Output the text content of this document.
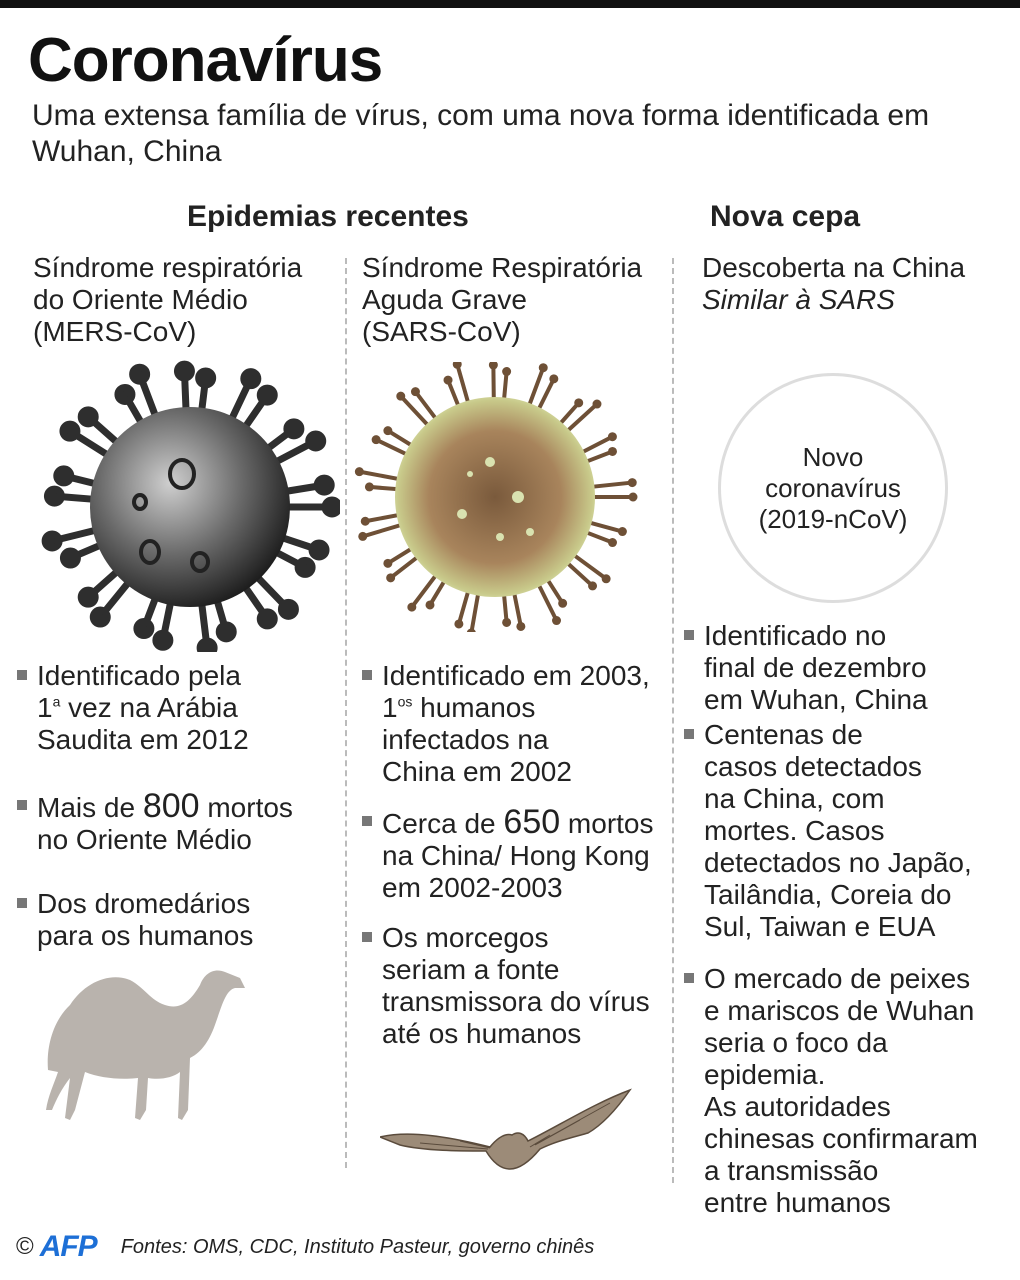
Coronavírus
Uma extensa família de vírus, com uma nova forma identificada em Wuhan, China
Epidemias recentes	Nova cepa
Síndrome respiratória
do Oriente Médio
(MERS-CoV)
Identificado pela
1$^a$ vez na Arábia
Saudita em 2012
Mais de 800 mortos
no Oriente Médio
Dos dromedários
para os humanos
Síndrome Respiratória
Aguda Grave
(SARS-CoV)
Identificado em 2003,
$1^{os}$ humanos
infectados na
China em 2002
Cerca de 650 mortos
na China/ Hong Kong
em 2002-2003
Os morcegos
seriam a fonte
transmissora do vírus
até os humanos
Descoberta na China
Similar à SARS
Novo
coronavírus
(2019-nCoV)
Identificado no
final de dezembro
em Wuhan, China
Centenas de
casos detectados
na China, com
mortes. Casos
detectados no Japão,
Tailândia, Coreia do
Sul, Taiwan e EUA
O mercado de peixes
e mariscos de Wuhan
seria o foco da
epidemia.
As autoridades
chinesas confirmaram
a transmissão
entre humanos
© AFP Fontes: OMS, CDC, Instituto Pasteur, governo chinês
